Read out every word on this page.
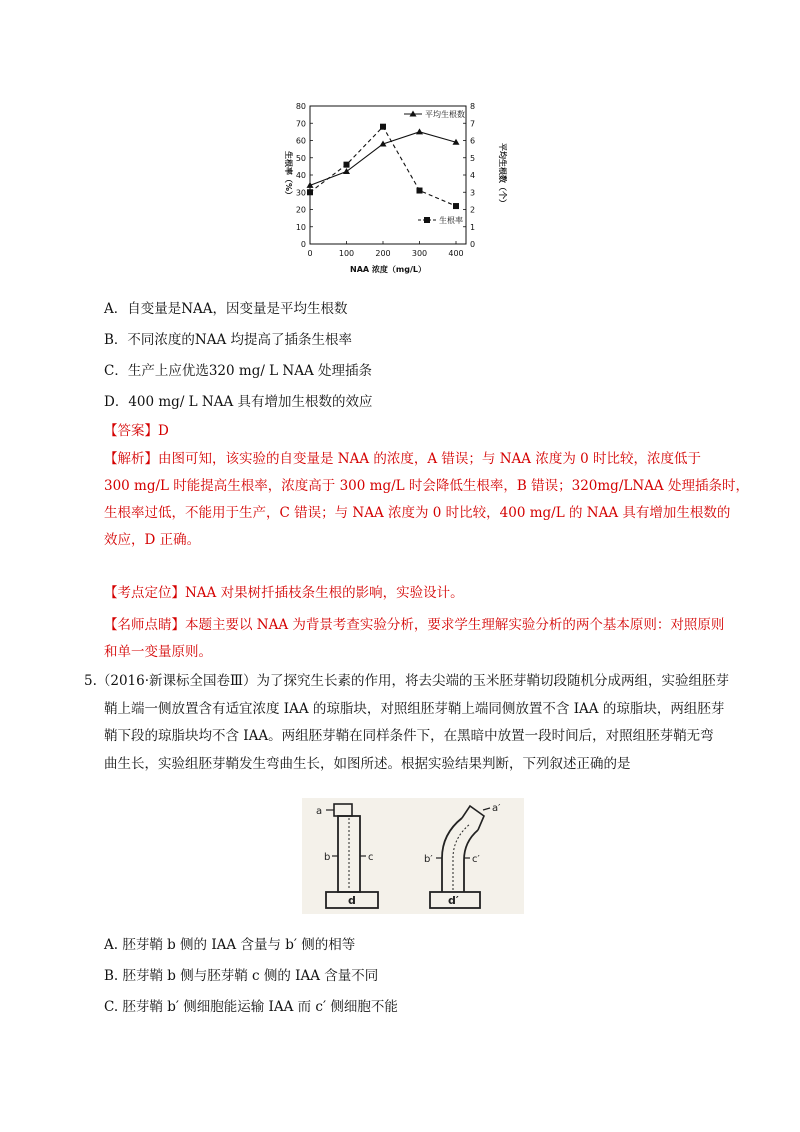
0
10
20
30
40
50
60
70
80
0
1
2
3
4
5
6
7
8
0	100	200	300	400
NAA 浓度（mg/L）
生根率（%）	平均生根数（个）
平均生根数
生根率
A．自变量是NAA，因变量是平均生根数
B．不同浓度的NAA 均提高了插条生根率
C．生产上应优选320 mg/ L NAA 处理插条
D．400 mg/ L NAA 具有增加生根数的效应
【答案】D
【解析】由图可知，该实验的自变量是 NAA 的浓度，A 错误；与 NAA 浓度为 0 时比较，浓度低于
300 mg/L 时能提高生根率，浓度高于 300 mg/L 时会降低生根率，B 错误；320mg/LNAA 处理插条时，
生根率过低，不能用于生产，C 错误；与 NAA 浓度为 0 时比较，400 mg/L 的 NAA 具有增加生根数的
效应，D 正确。
【考点定位】NAA 对果树扦插枝条生根的影响，实验设计。
【名师点睛】本题主要以 NAA 为背景考查实验分析，要求学生理解实验分析的两个基本原则：对照原则
和单一变量原则。
5.（2016·新课标全国卷Ⅲ）为了探究生长素的作用，将去尖端的玉米胚芽鞘切段随机分成两组，实验组胚芽
鞘上端一侧放置含有适宜浓度 IAA 的琼脂块，对照组胚芽鞘上端同侧放置不含 IAA 的琼脂块，两组胚芽
鞘下段的琼脂块均不含 IAA。两组胚芽鞘在同样条件下，在黑暗中放置一段时间后，对照组胚芽鞘无弯
曲生长，实验组胚芽鞘发生弯曲生长，如图所述。根据实验结果判断，下列叙述正确的是
a
b	c
d
a′
b′	c′
d′
A. 胚芽鞘 b 侧的 IAA 含量与 b′ 侧的相等
B. 胚芽鞘 b 侧与胚芽鞘 c 侧的 IAA 含量不同
C. 胚芽鞘 b′ 侧细胞能运输 IAA 而 c′ 侧细胞不能
